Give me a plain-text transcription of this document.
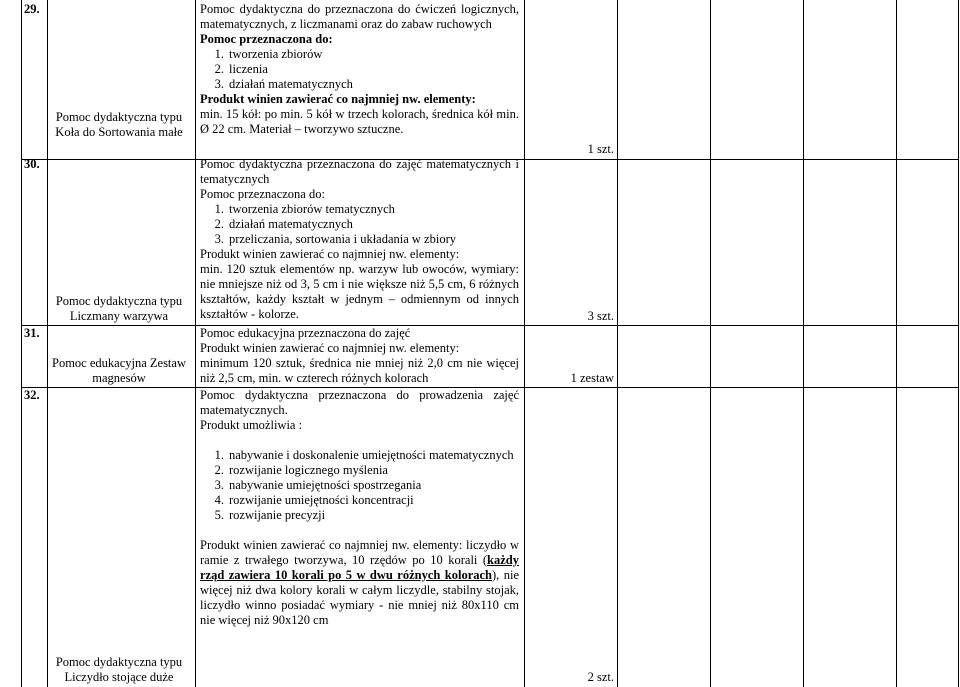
29.
Pomoc dydaktyczna typu Koła do Sortowania małe

Pomoc dydaktyczna do przeznaczona do ćwiczeń logicznych, matematycznych, z liczmanami oraz do zabaw ruchowych

Pomoc przeznaczona do:

1. tworzenia zbiorów
2. liczenia
3. działań matematycznych

Produkt winien zawierać co najmniej nw. elementy:

min. 15 kół: po min. 5 kół w trzech kolorach, średnica kół min. Ø 22 cm. Materiał – tworzywo sztuczne.

1 szt.
30.
Pomoc dydaktyczna typu Liczmany warzywa

Pomoc dydaktyczna przeznaczona do zajęć matematycznych i tematycznych

Pomoc przeznaczona do:

1. tworzenia zbiorów tematycznych
2. działań matematycznych
3. przeliczania, sortowania i układania w zbiory

Produkt winien zawierać co najmniej nw. elementy:

min. 120 sztuk elementów np. warzyw lub owoców, wymiary: nie mniejsze niż od 3, 5 cm i nie większe niż 5,5 cm, 6 różnych kształtów, każdy kształt w jednym – odmiennym od innych kształtów - kolorze.	3 szt.
31.
Pomoc edukacyjna Zestaw magnesów

Pomoc edukacyjna przeznaczona do zajęć

Produkt winien zawierać co najmniej nw. elementy:

minimum 120 sztuk, średnica nie mniej niż 2,0 cm nie więcej niż 2,5 cm, min. w czterech różnych kolorach	1 zestaw
32.
Pomoc dydaktyczna typu Liczydło stojące duże

Pomoc dydaktyczna przeznaczona do prowadzenia zajęć matematycznych.

Produkt umożliwia :

1. nabywanie i doskonalenie umiejętności matematycznych
2. rozwijanie logicznego myślenia
3. nabywanie umiejętności spostrzegania
4. rozwijanie umiejętności koncentracji
5. rozwijanie precyzji

Produkt winien zawierać co najmniej nw. elementy: liczydło w ramie z trwałego tworzywa, 10 rzędów po 10 korali (każdy rząd zawiera 10 korali po 5 w dwu różnych kolorach), nie więcej niż dwa kolory korali w całym liczydle, stabilny stojak, liczydło winno posiadać wymiary - nie mniej niż 80x110 cm nie więcej niż 90x120 cm

2 szt.
